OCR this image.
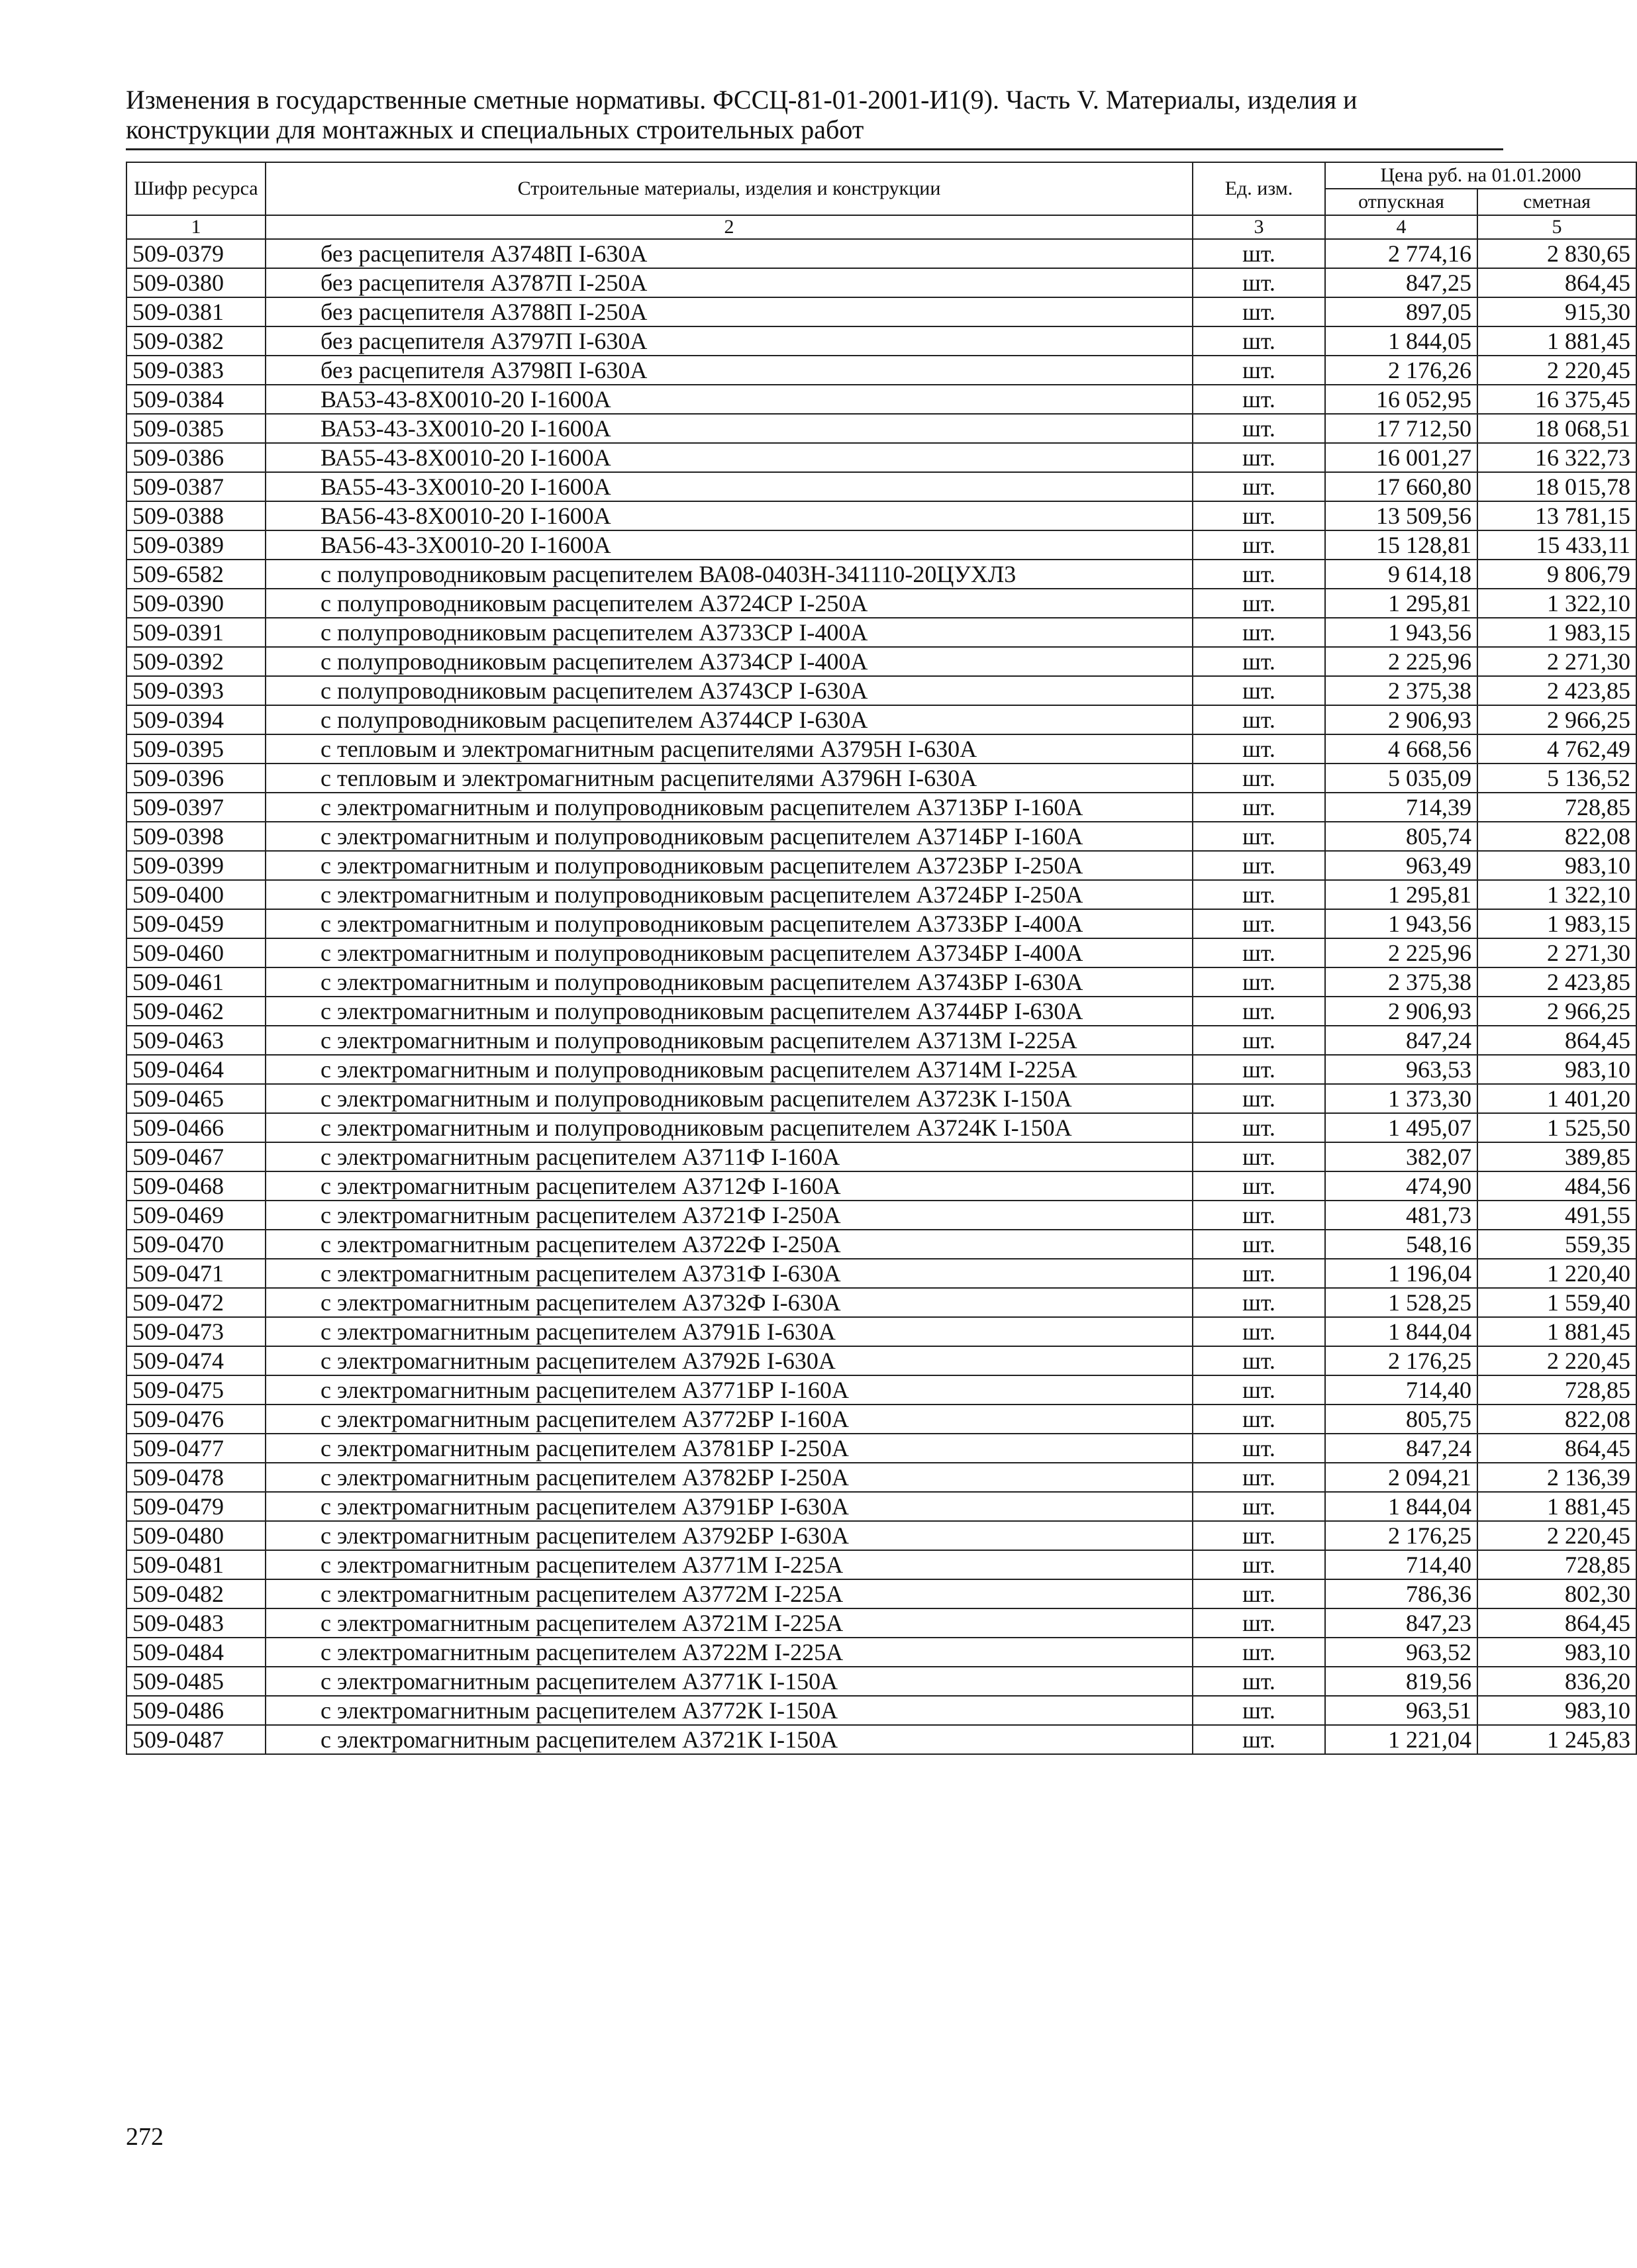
Изменения в государственные сметные нормативы. ФССЦ-81-01-2001-И1(9). Часть V. Материалы, изделия и
конструкции для монтажных и специальных строительных работ
Шифр ресурса	Строительные материалы, изделия и конструкции	Ед. изм.	Цена руб. на 01.01.2000	
			отпускная	сметная
1	2	3	4	5
509-0379	без расцепителя А3748П I-630А	шт.	2 774,16	2 830,65
509-0380	без расцепителя А3787П I-250А	шт.	847,25	864,45
509-0381	без расцепителя А3788П I-250А	шт.	897,05	915,30
509-0382	без расцепителя А3797П I-630А	шт.	1 844,05	1 881,45
509-0383	без расцепителя А3798П I-630А	шт.	2 176,26	2 220,45
509-0384	ВА53-43-8Х0010-20 I-1600А	шт.	16 052,95	16 375,45
509-0385	ВА53-43-3Х0010-20 I-1600А	шт.	17 712,50	18 068,51
509-0386	ВА55-43-8Х0010-20 I-1600А	шт.	16 001,27	16 322,73
509-0387	ВА55-43-3Х0010-20 I-1600А	шт.	17 660,80	18 015,78
509-0388	ВА56-43-8Х0010-20 I-1600А	шт.	13 509,56	13 781,15
509-0389	ВА56-43-3Х0010-20 I-1600А	шт.	15 128,81	15 433,11
509-6582	с полупроводниковым расцепителем ВА08-0403Н-341110-20ЦУХЛ3	шт.	9 614,18	9 806,79
509-0390	с полупроводниковым расцепителем А3724СР I-250А	шт.	1 295,81	1 322,10
509-0391	с полупроводниковым расцепителем А3733СР I-400А	шт.	1 943,56	1 983,15
509-0392	с полупроводниковым расцепителем А3734СР I-400А	шт.	2 225,96	2 271,30
509-0393	с полупроводниковым расцепителем А3743СР I-630А	шт.	2 375,38	2 423,85
509-0394	с полупроводниковым расцепителем А3744СР I-630А	шт.	2 906,93	2 966,25
509-0395	с тепловым и электромагнитным расцепителями А3795Н I-630А	шт.	4 668,56	4 762,49
509-0396	с тепловым и электромагнитным расцепителями А3796Н I-630А	шт.	5 035,09	5 136,52
509-0397	с электромагнитным и полупроводниковым расцепителем А3713БР I-160А	шт.	714,39	728,85
509-0398	с электромагнитным и полупроводниковым расцепителем А3714БР I-160А	шт.	805,74	822,08
509-0399	с электромагнитным и полупроводниковым расцепителем А3723БР I-250А	шт.	963,49	983,10
509-0400	с электромагнитным и полупроводниковым расцепителем А3724БР I-250А	шт.	1 295,81	1 322,10
509-0459	с электромагнитным и полупроводниковым расцепителем А3733БР I-400А	шт.	1 943,56	1 983,15
509-0460	с электромагнитным и полупроводниковым расцепителем А3734БР I-400А	шт.	2 225,96	2 271,30
509-0461	с электромагнитным и полупроводниковым расцепителем А3743БР I-630А	шт.	2 375,38	2 423,85
509-0462	с электромагнитным и полупроводниковым расцепителем А3744БР I-630А	шт.	2 906,93	2 966,25
509-0463	с электромагнитным и полупроводниковым расцепителем А3713М I-225А	шт.	847,24	864,45
509-0464	с электромагнитным и полупроводниковым расцепителем А3714М I-225А	шт.	963,53	983,10
509-0465	с электромагнитным и полупроводниковым расцепителем А3723К I-150А	шт.	1 373,30	1 401,20
509-0466	с электромагнитным и полупроводниковым расцепителем А3724К I-150А	шт.	1 495,07	1 525,50
509-0467	с электромагнитным расцепителем А3711Ф I-160А	шт.	382,07	389,85
509-0468	с электромагнитным расцепителем А3712Ф I-160А	шт.	474,90	484,56
509-0469	с электромагнитным расцепителем А3721Ф I-250А	шт.	481,73	491,55
509-0470	с электромагнитным расцепителем А3722Ф I-250А	шт.	548,16	559,35
509-0471	с электромагнитным расцепителем А3731Ф I-630А	шт.	1 196,04	1 220,40
509-0472	с электромагнитным расцепителем А3732Ф I-630А	шт.	1 528,25	1 559,40
509-0473	с электромагнитным расцепителем А3791Б I-630А	шт.	1 844,04	1 881,45
509-0474	с электромагнитным расцепителем А3792Б I-630А	шт.	2 176,25	2 220,45
509-0475	с электромагнитным расцепителем А3771БР I-160А	шт.	714,40	728,85
509-0476	с электромагнитным расцепителем А3772БР I-160А	шт.	805,75	822,08
509-0477	с электромагнитным расцепителем А3781БР I-250А	шт.	847,24	864,45
509-0478	с электромагнитным расцепителем А3782БР I-250А	шт.	2 094,21	2 136,39
509-0479	с электромагнитным расцепителем А3791БР I-630А	шт.	1 844,04	1 881,45
509-0480	с электромагнитным расцепителем А3792БР I-630А	шт.	2 176,25	2 220,45
509-0481	с электромагнитным расцепителем А3771М I-225А	шт.	714,40	728,85
509-0482	с электромагнитным расцепителем А3772М I-225А	шт.	786,36	802,30
509-0483	с электромагнитным расцепителем А3721М I-225А	шт.	847,23	864,45
509-0484	с электромагнитным расцепителем А3722М I-225А	шт.	963,52	983,10
509-0485	с электромагнитным расцепителем А3771К I-150А	шт.	819,56	836,20
509-0486	с электромагнитным расцепителем А3772К I-150А	шт.	963,51	983,10
509-0487	с электромагнитным расцепителем А3721К I-150А	шт.	1 221,04	1 245,83
272
